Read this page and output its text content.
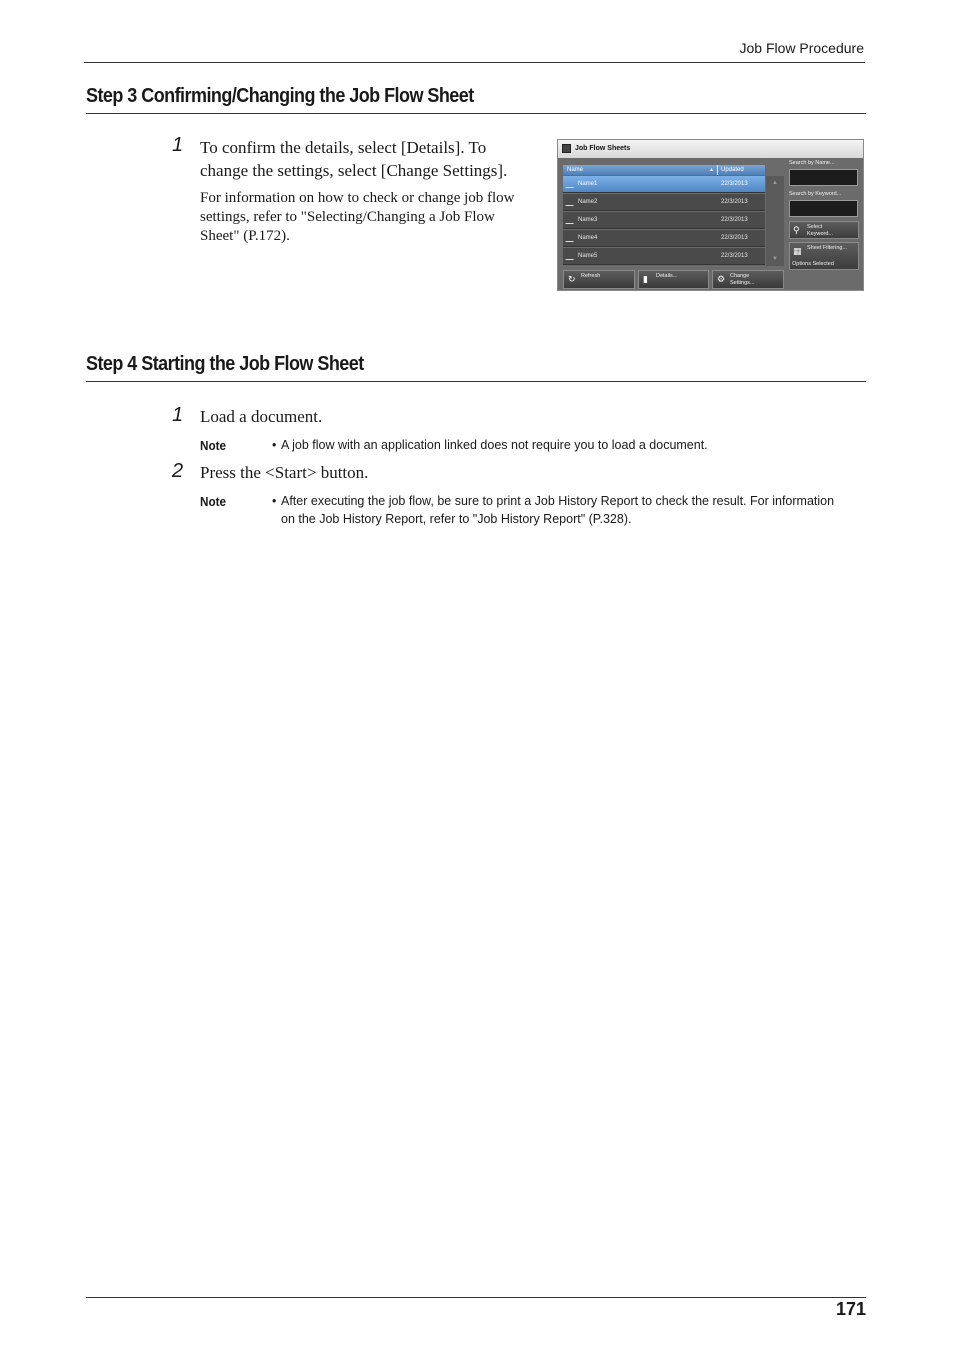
Job Flow Procedure
Step 3 Confirming/Changing the Job Flow Sheet
1 To confirm the details, select [Details]. To
change the settings, select [Change Settings].
For information on how to check or change job flow
settings, refer to "Selecting/Changing a Job Flow
Sheet" (P.172).
Job Flow Sheets
Name	▲ Updated
Name1	22/3/2013
Name2	22/3/2013
Name3	22/3/2013
Name4	22/3/2013
Name5	22/3/2013
▲
▼
Search by Name...
Search by Keyword...
⚲ Select
Keyword...
▦ Sheet Filtering...
Options Selected
↻ Refresh	▮ Details...	⚙ Change
Settings...
Step 4 Starting the Job Flow Sheet
1 Load a document.
Note	• A job flow with an application linked does not require you to load a document.
2 Press the <Start> button.
Note	• After executing the job flow, be sure to print a Job History Report to check the result. For information
on the Job History Report, refer to "Job History Report" (P.328).
171
